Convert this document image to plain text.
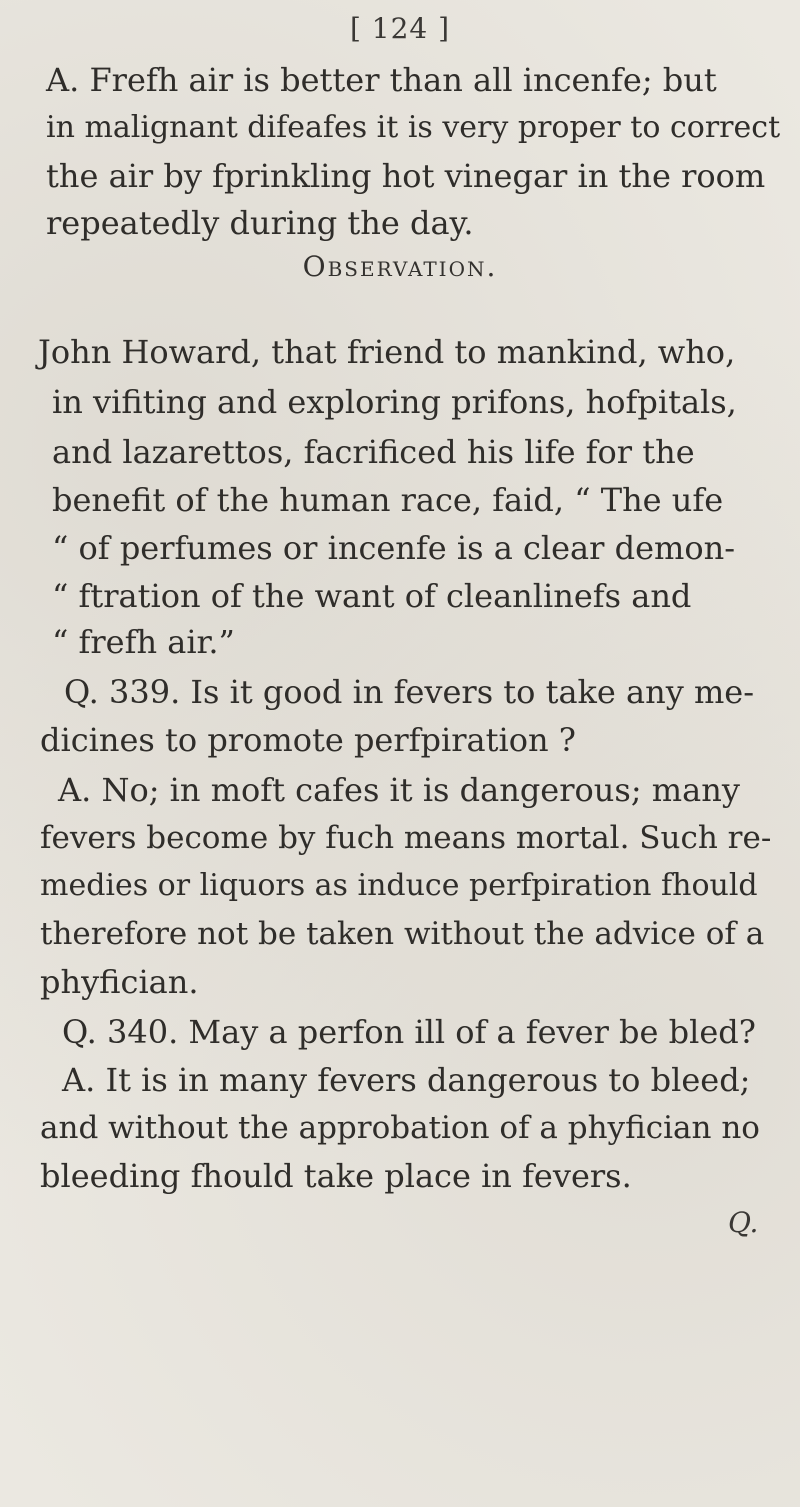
[ 124 ]
A. Frefh air is better than all incenfe; but
in malignant difeafes it is very proper to correct
the air by fprinkling hot vinegar in the room
repeatedly during the day.
Observation.
John Howard, that friend to mankind, who,
in vifiting and exploring prifons, hofpitals,
and lazarettos, facrificed his life for the
benefit of the human race, faid, “ The ufe
“ of perfumes or incenfe is a clear demon-
“ ftration of the want of cleanlinefs and
“ frefh air.”
Q. 339. Is it good in fevers to take any me-
dicines to promote perfpiration ?
A. No; in moft cafes it is dangerous; many
fevers become by fuch means mortal. Such re-
medies or liquors as induce perfpiration fhould
therefore not be taken without the advice of a
phyfician.
Q. 340. May a perfon ill of a fever be bled?
A. It is in many fevers dangerous to bleed;
and without the approbation of a phyfician no
bleeding fhould take place in fevers.
Q.
